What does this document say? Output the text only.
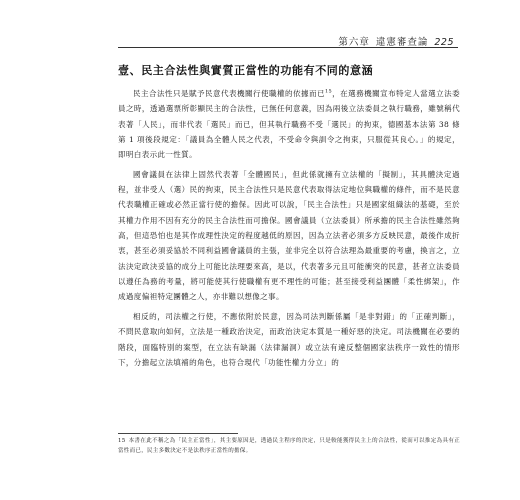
第六章 違憲審查論 225
壹、民主合法性與實質正當性的功能有不同的意涵

民主合法性只是賦予民意代表機關行使職權的依據而已$^{15}$，在選務機關宣布特定人當選立法委員之時，透過選票所彰顯民主的合法性，已無任何意義，因為兩後立法委員之執行職務，雖號稱代表著「人民」，而非代表「選民」而已，但其執行職務不受「選民」的拘束，德國基本法第 38 條第 1 項後段規定：「議員為全體人民之代表，不受命令與訓令之拘束，只服從其良心。」的規定，即明白表示此一性質。

國會議員在法律上固然代表著「全體國民」，但此係就擁有立法權的「擬制」，其具體決定過程，並非受人（選）民的拘束，民主合法性只是民意代表取得法定地位與職權的條件，而不是民意代表職權正確或必然正當行使的擔保。因此可以說，「民主合法性」只是國家組織法的基礎，至於其權力作用不因有充分的民主合法性而可擔保。國會議員（立法委員）所承擔的民主合法性雖然夠高，但這恐怕也是其作成理性決定的程度越低的原因，因為立法者必須多方反映民意，最後作成折衷，甚至必須妥協於不同利益國會議員的主張，並非完全以符合法理為最重要的考慮，換言之，立法決定政決妥協的成分上可能比法理要來高，是以，代表著多元且可能衝突的民意，甚者立法委員以遵任為務的考量，將可能使其行使職權有更不理性的可能；甚至接受利益團體「柔性綁架」，作成過度偏袒特定團體之人，亦非難以想像之事。

相反的，司法權之行使，不應依附於民意，因為司法判斷係屬「是非對錯」的「正確判斷」，不問民意取向如何，立法是一種政治決定，而政治決定本質是一種好惡的決定。司法機關在必要的階段，面臨特別的案型，在立法有缺漏（法律漏洞）或立法有違反整個國家法秩序一致性的情形下，分擔起立法填補的角色，也符合現代「功能性權力分立」的

15 本書在此不稱之為「民主正當性」，其主要原因是，透過民主程序的決定，只是較能獲得民主上的合法性，從而可以推定為具有正當性而已，民主多數決定不是法秩序正當性的擔保。
